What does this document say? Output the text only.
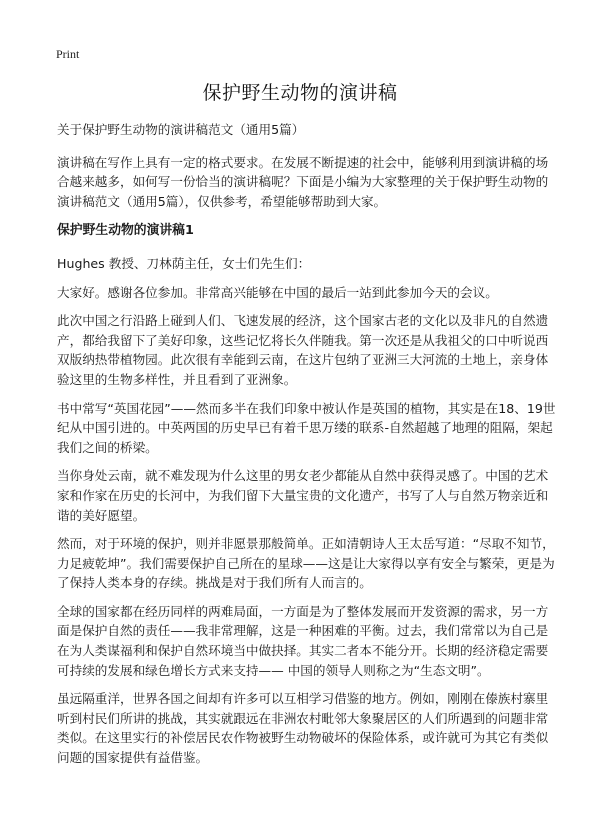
Print
保护野生动物的演讲稿

关于保护野生动物的演讲稿范文（通用5篇）

演讲稿在写作上具有一定的格式要求。在发展不断提速的社会中，能够利用到演讲稿的场合越来越多，如何写一份恰当的演讲稿呢？下面是小编为大家整理的关于保护野生动物的演讲稿范文（通用5篇），仅供参考，希望能够帮助到大家。

保护野生动物的演讲稿1

Hughes 教授、刀林荫主任，女士们先生们：

大家好。感谢各位参加。非常高兴能够在中国的最后一站到此参加今天的会议。

此次中国之行沿路上碰到人们、飞速发展的经济，这个国家古老的文化以及非凡的自然遗产，都给我留下了美好印象，这些记忆将长久伴随我。第一次还是从我祖父的口中听说西双版纳热带植物园。此次很有幸能到云南，在这片包纳了亚洲三大河流的土地上，亲身体验这里的生物多样性，并且看到了亚洲象。

书中常写“英国花园”——然而多半在我们印象中被认作是英国的植物，其实是在18、19世纪从中国引进的。中英两国的历史早已有着千思万缕的联系-自然超越了地理的阻隔，架起我们之间的桥梁。

当你身处云南，就不难发现为什么这里的男女老少都能从自然中获得灵感了。中国的艺术家和作家在历史的长河中，为我们留下大量宝贵的文化遗产，书写了人与自然万物亲近和谐的美好愿望。

然而，对于环境的保护，则并非愿景那般简单。正如清朝诗人王太岳写道：“尽取不知节，力足疲乾坤”。我们需要保护自己所在的星球——这是让大家得以享有安全与繁荣，更是为了保持人类本身的存续。挑战是对于我们所有人而言的。

全球的国家都在经历同样的两难局面，一方面是为了整体发展而开发资源的需求，另一方面是保护自然的责任——我非常理解，这是一种困难的平衡。过去，我们常常以为自己是在为人类谋福利和保护自然环境当中做抉择。其实二者本不能分开。长期的经济稳定需要可持续的发展和绿色增长方式来支持—— 中国的领导人则称之为“生态文明”。

虽远隔重洋，世界各国之间却有许多可以互相学习借鉴的地方。例如，刚刚在傣族村寨里听到村民们所讲的挑战，其实就跟远在非洲农村毗邻大象聚居区的人们所遇到的问题非常类似。在这里实行的补偿居民农作物被野生动物破坏的保险体系，或许就可为其它有类似问题的国家提供有益借鉴。
